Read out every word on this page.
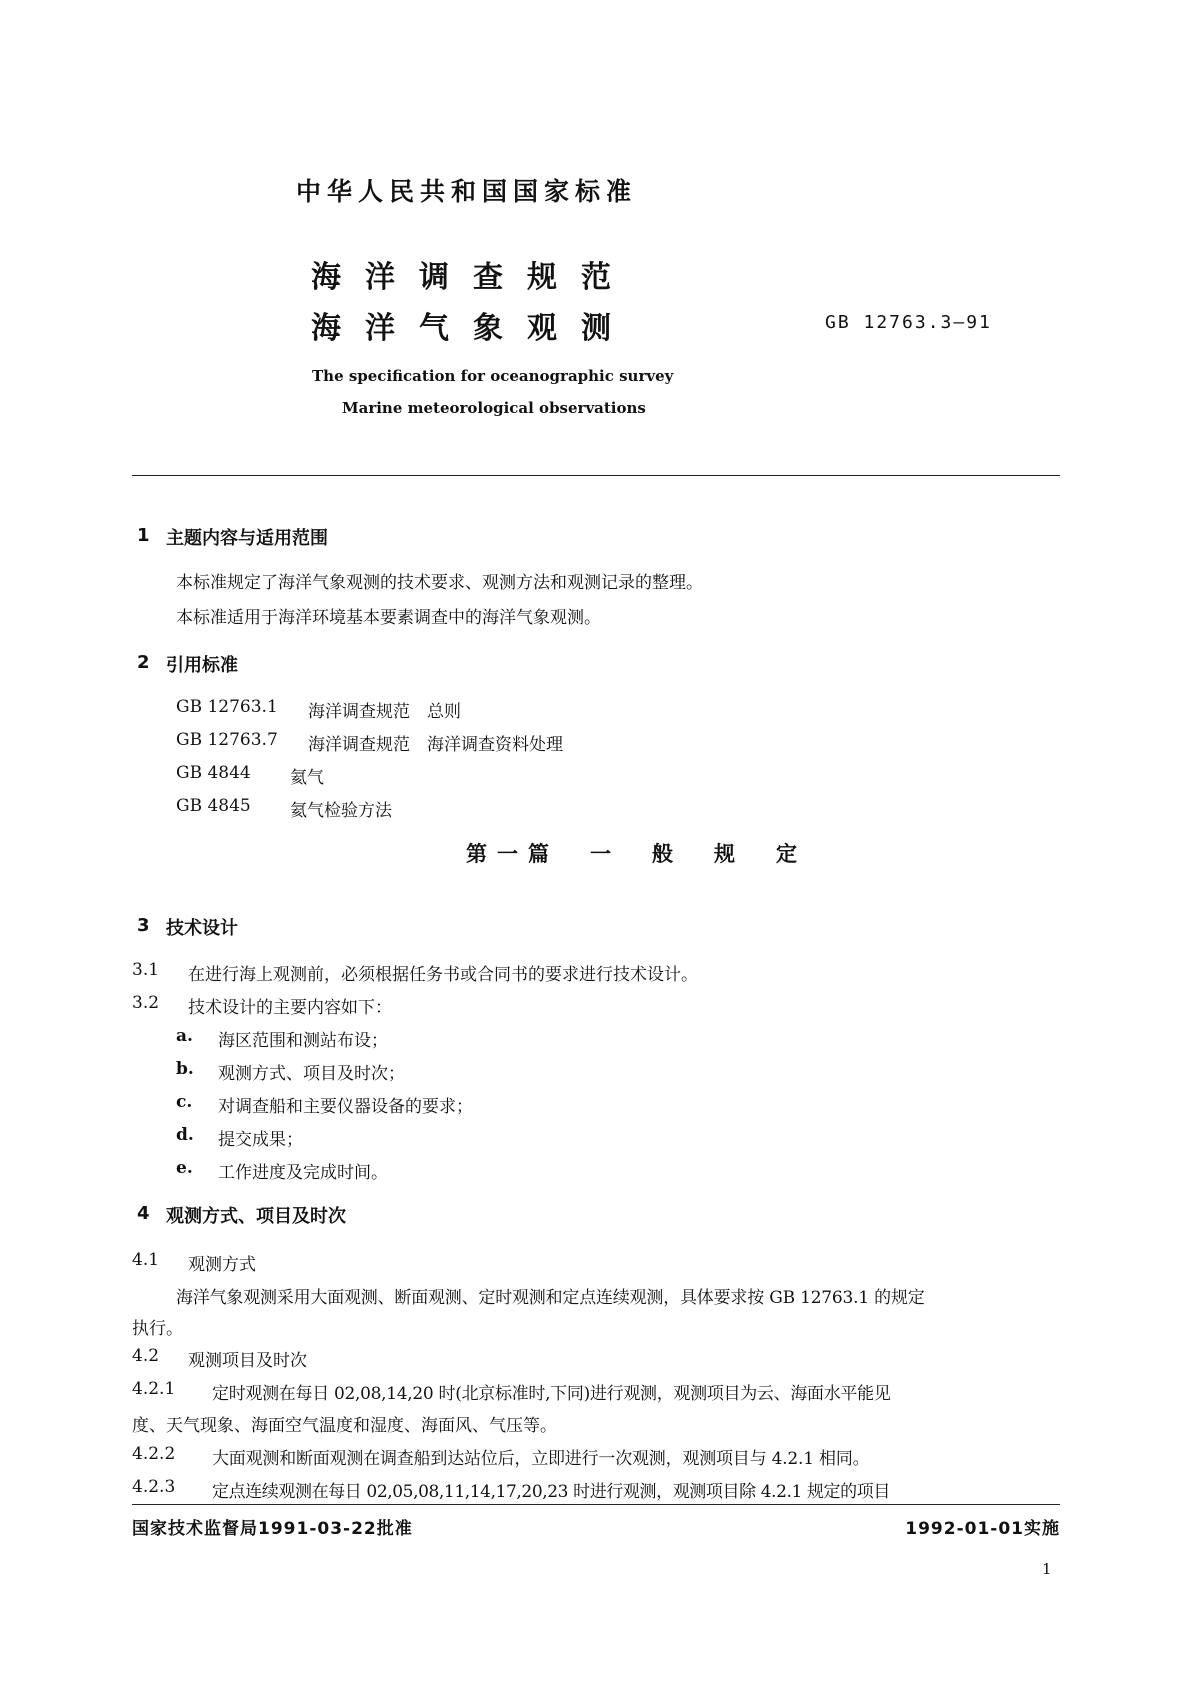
中华人民共和国国家标准
海洋调查规范
海洋气象观测	GB 12763.3—91
The specification for oceanographic survey
Marine meteorological observations
1 主题内容与适用范围
本标准规定了海洋气象观测的技术要求、观测方法和观测记录的整理。
本标准适用于海洋环境基本要素调查中的海洋气象观测。
2 引用标准
GB 12763.1 海洋调查规范　总则
GB 12763.7 海洋调查规范　海洋调查资料处理
GB 4844 氦气
GB 4845 氦气检验方法
第一篇　一　般　规　定
3 技术设计
3.1 在进行海上观测前，必须根据任务书或合同书的要求进行技术设计。
3.2 技术设计的主要内容如下：
a. 海区范围和测站布设；
b. 观测方式、项目及时次；
c. 对调查船和主要仪器设备的要求；
d. 提交成果；
e. 工作进度及完成时间。
4 观测方式、项目及时次
4.1 观测方式
海洋气象观测采用大面观测、断面观测、定时观测和定点连续观测，具体要求按 GB 12763.1 的规定
执行。
4.2 观测项目及时次
4.2.1 定时观测在每日 02,08,14,20 时(北京标准时,下同)进行观测，观测项目为云、海面水平能见
度、天气现象、海面空气温度和湿度、海面风、气压等。
4.2.2 大面观测和断面观测在调查船到达站位后，立即进行一次观测，观测项目与 4.2.1 相同。
4.2.3 定点连续观测在每日 02,05,08,11,14,17,20,23 时进行观测，观测项目除 4.2.1 规定的项目
国家技术监督局1991-03-22批准	1992-01-01实施
1
